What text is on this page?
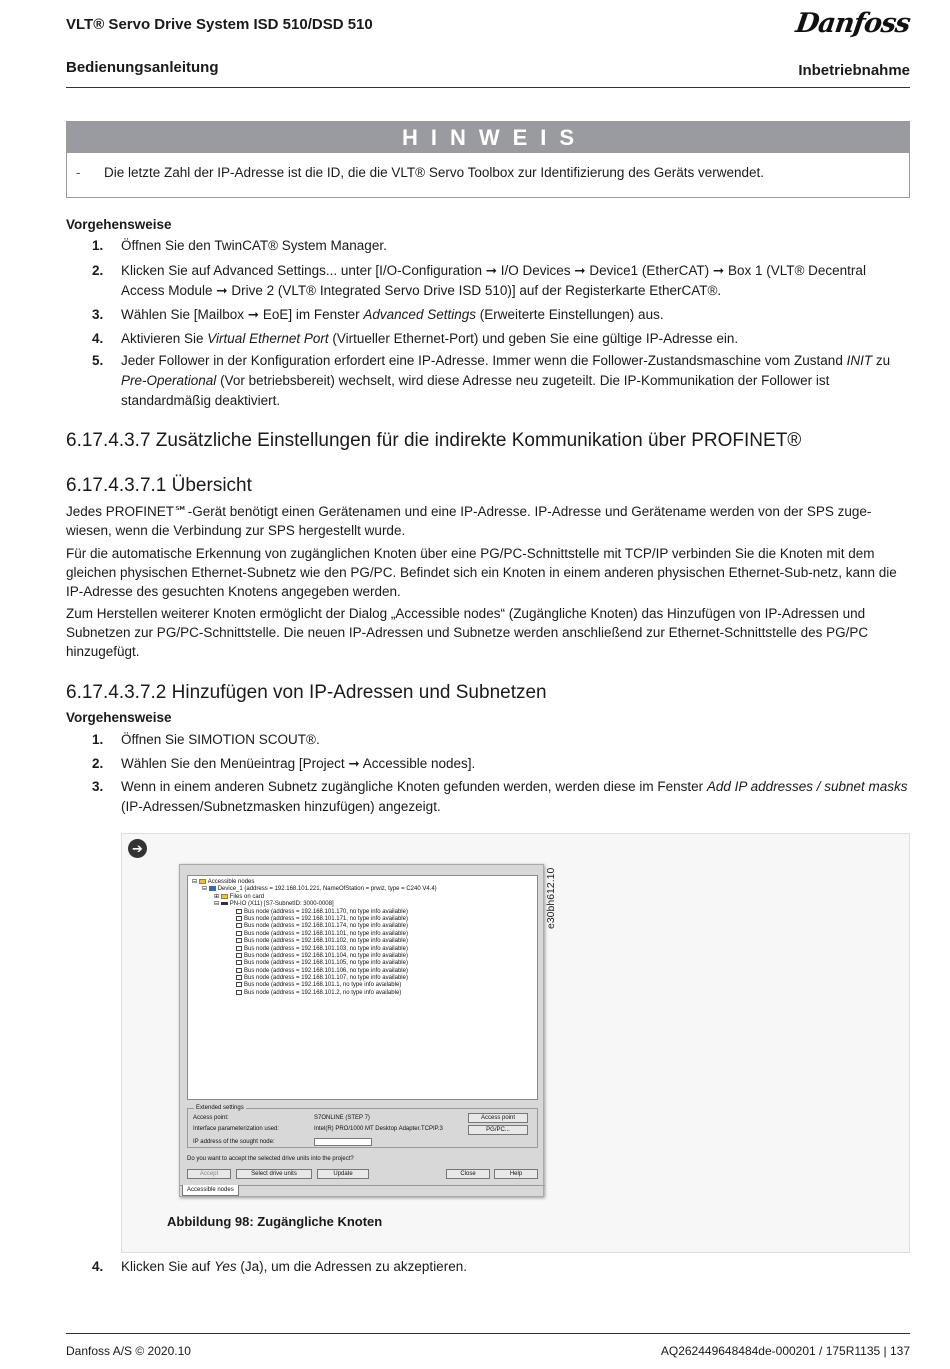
VLT® Servo Drive System ISD 510/DSD 510
Bedienungsanleitung	Inbetriebnahme
Danfoss
HINWEIS
- Die letzte Zahl der IP-Adresse ist die ID, die die VLT® Servo Toolbox zur Identifizierung des Geräts verwendet.
Vorgehensweise
1.	Öffnen Sie den TwinCAT® System Manager.
2.	Klicken Sie auf Advanced Settings... unter [I/O-Configuration ➞ I/O Devices ➞ Device1 (EtherCAT) ➞ Box 1 (VLT® Decentral Access Module ➞ Drive 2 (VLT® Integrated Servo Drive ISD 510)] auf der Registerkarte EtherCAT®.
3.	Wählen Sie [Mailbox ➞ EoE] im Fenster Advanced Settings (Erweiterte Einstellungen) aus.
4.	Aktivieren Sie Virtual Ethernet Port (Virtueller Ethernet-Port) und geben Sie eine gültige IP-Adresse ein.
5.	Jeder Follower in der Konfiguration erfordert eine IP-Adresse. Immer wenn die Follower-Zustandsmaschine vom Zustand INIT zu Pre-Operational (Vor betriebsbereit) wechselt, wird diese Adresse neu zugeteilt. Die IP-Kommunikation der Follower ist standardmäßig deaktiviert.
6.17.4.3.7 Zusätzliche Einstellungen für die indirekte Kommunikation über PROFINET®
6.17.4.3.7.1 Übersicht
Jedes PROFINET℠-Gerät benötigt einen Gerätenamen und eine IP-Adresse. IP-Adresse und Gerätename werden von der SPS zuge-wiesen, wenn die Verbindung zur SPS hergestellt wurde.
Für die automatische Erkennung von zugänglichen Knoten über eine PG/PC-Schnittstelle mit TCP/IP verbinden Sie die Knoten mit dem gleichen physischen Ethernet-Subnetz wie den PG/PC. Befindet sich ein Knoten in einem anderen physischen Ethernet-Sub-netz, kann die IP-Adresse des gesuchten Knotens angegeben werden.
Zum Herstellen weiterer Knoten ermöglicht der Dialog „Accessible nodes“ (Zugängliche Knoten) das Hinzufügen von IP-Adressen und Subnetzen zur PG/PC-Schnittstelle. Die neuen IP-Adressen und Subnetze werden anschließend zur Ethernet-Schnittstelle des PG/PC hinzugefügt.
6.17.4.3.7.2 Hinzufügen von IP-Adressen und Subnetzen
Vorgehensweise
1.	Öffnen Sie SIMOTION SCOUT®.
2.	Wählen Sie den Menüeintrag [Project ➞ Accessible nodes].
3.	Wenn in einem anderen Subnetz zugängliche Knoten gefunden werden, werden diese im Fenster Add IP addresses / subnet masks (IP-Adressen/Subnetzmasken hinzufügen) angezeigt.
➔
e30bh612.10
⊟ Accessible nodes
⊟ Device_1 (address = 192.168.101.221, NameOfStation = prwiz, type = C240 V4.4)
⊞ Files on card
⊟ PN-IO (X11) [S7-SubnetID: 3000-0008]
Bus node (address = 192.168.101.170, no type info available)
Bus node (address = 192.168.101.171, no type info available)
Bus node (address = 192.168.101.174, no type info available)
Bus node (address = 192.168.101.101, no type info available)
Bus node (address = 192.168.101.102, no type info available)
Bus node (address = 192.168.101.103, no type info available)
Bus node (address = 192.168.101.104, no type info available)
Bus node (address = 192.168.101.105, no type info available)
Bus node (address = 192.168.101.106, no type info available)
Bus node (address = 192.168.101.107, no type info available)
Bus node (address = 192.168.101.1, no type info available)
Bus node (address = 192.168.101.2, no type info available)
Extended settings
Access point:	S7ONLINE (STEP 7)
Interface parameterization used:	Intel(R) PRO/1000 MT Desktop Adapter.TCPIP.3
IP address of the sought node:
Access point
PG/PC...
Do you want to accept the selected drive units into the project?
Accept	Select drive units	Update	Close	Help
Accessible nodes
Abbildung 98: Zugängliche Knoten
4.	Klicken Sie auf Yes (Ja), um die Adressen zu akzeptieren.
Danfoss A/S © 2020.10	AQ262449648484de-000201 / 175R1135 | 137
